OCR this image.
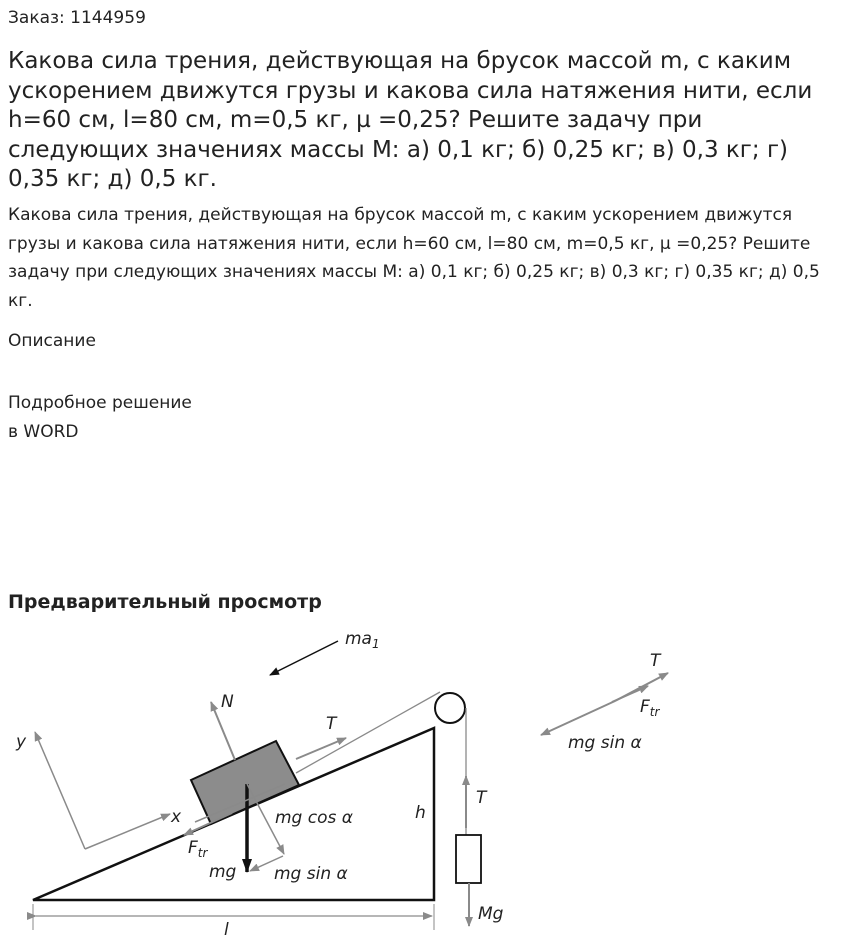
Заказ: 1144959
Какова сила трения, действующая на брусок массой m, с каким ускорением движутся грузы и какова сила натяжения нити, если h=60 см, l=80 см, m=0,5 кг, µ =0,25? Решите задачу при следующих значениях массы M: а) 0,1 кг; б) 0,25 кг; в) 0,3 кг; г) 0,35 кг; д) 0,5 кг.

Какова сила трения, действующая на брусок массой m, с каким ускорением движутся грузы и какова сила натяжения нити, если h=60 см, l=80 см, m=0,5 кг, µ =0,25? Решите задачу при следующих значениях массы M: а) 0,1 кг; б) 0,25 кг; в) 0,3 кг; г) 0,35 кг; д) 0,5 кг.

Описание
Подробное решение
в WORD
Предварительный просмотр
$ma_1$
N
T
T
$F_{tr}$
mg sin α
y
x	h
T
mg cos α
$F_{tr}$
mg mg sin α
Mg
l
